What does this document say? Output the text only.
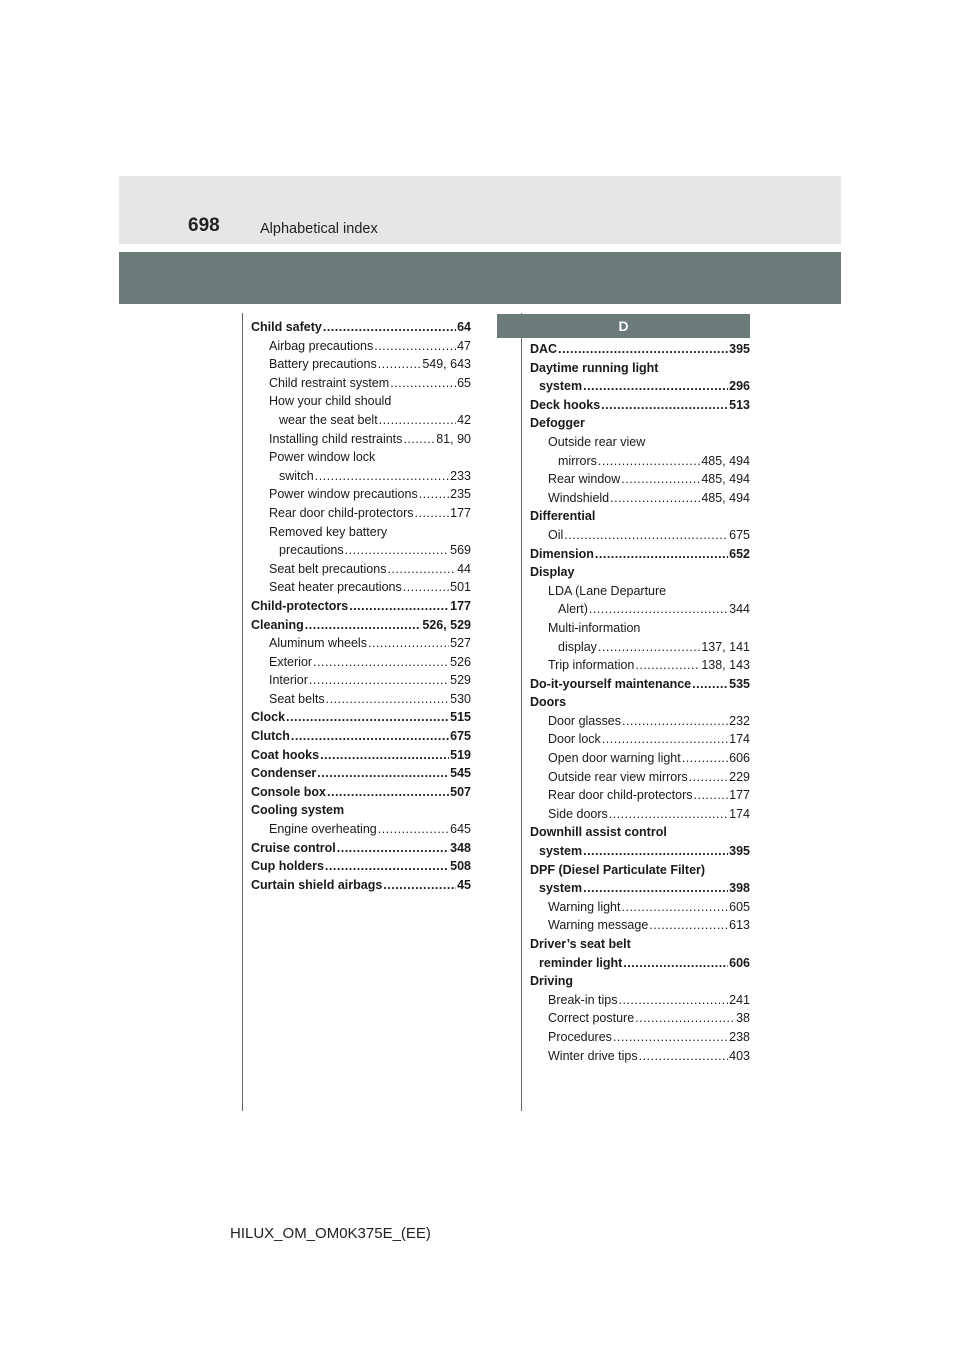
698	Alphabetical index
D
Child safety .....	64
Airbag precautions .....	47
Battery precautions .....	549, 643
Child restraint system .....	65
How your child should
wear the seat belt .....	42
Installing child restraints .....	81, 90
Power window lock
switch .....	233
Power window precautions .....	235
Rear door child-protectors .....	177
Removed key battery
precautions .....	569
Seat belt precautions .....	44
Seat heater precautions .....	501
Child-protectors .....	177
Cleaning .....	526, 529
Aluminum wheels .....	527
Exterior .....	526
Interior .....	529
Seat belts .....	530
Clock .....	515
Clutch .....	675
Coat hooks .....	519
Condenser .....	545
Console box .....	507
Cooling system
Engine overheating .....	645
Cruise control .....	348
Cup holders .....	508
Curtain shield airbags .....	45
DAC .....	395
Daytime running light
system .....	296
Deck hooks .....	513
Defogger
Outside rear view
mirrors .....	485, 494
Rear window .....	485, 494
Windshield .....	485, 494
Differential
Oil .....	675
Dimension .....	652
Display
LDA (Lane Departure
Alert) .....	344
Multi-information
display .....	137, 141
Trip information .....	138, 143
Do-it-yourself maintenance .....	535
Doors
Door glasses .....	232
Door lock .....	174
Open door warning light .....	606
Outside rear view mirrors .....	229
Rear door child-protectors .....	177
Side doors .....	174
Downhill assist control
system .....	395
DPF (Diesel Particulate Filter)
system .....	398
Warning light .....	605
Warning message .....	613
Driver’s seat belt
reminder light .....	606
Driving
Break-in tips .....	241
Correct posture .....	38
Procedures .....	238
Winter drive tips .....	403
HILUX_OM_OM0K375E_(EE)
